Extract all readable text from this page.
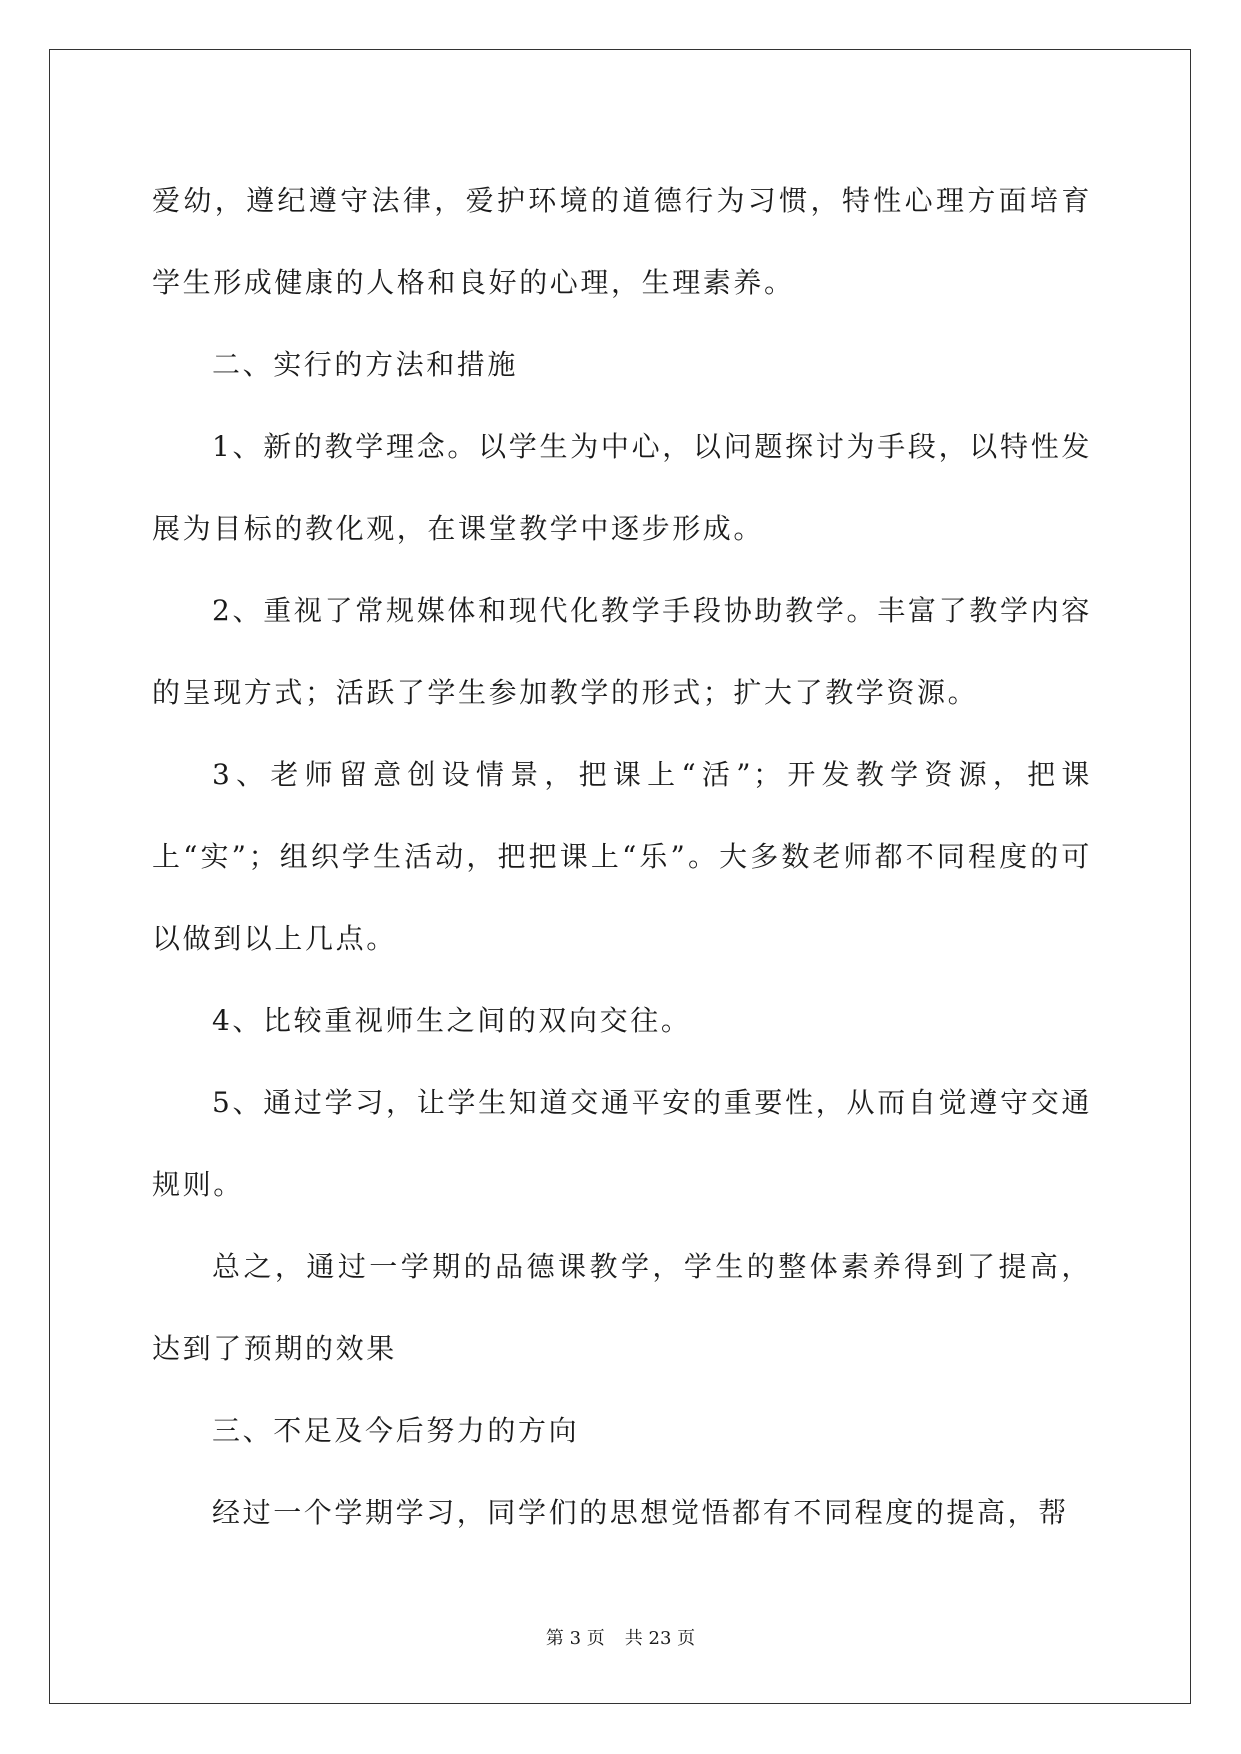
爱幼，遵纪遵守法律，爱护环境的道德行为习惯，特性心理方面培育学生形成健康的人格和良好的心理，生理素养。

二、实行的方法和措施

1、新的教学理念。以学生为中心，以问题探讨为手段，以特性发展为目标的教化观，在课堂教学中逐步形成。

2、重视了常规媒体和现代化教学手段协助教学。丰富了教学内容的呈现方式；活跃了学生参加教学的形式；扩大了教学资源。

3、老师留意创设情景，把课上“活”；开发教学资源，把课上“实”；组织学生活动，把把课上“乐”。大多数老师都不同程度的可以做到以上几点。

4、比较重视师生之间的双向交往。

5、通过学习，让学生知道交通平安的重要性，从而自觉遵守交通规则。

总之，通过一学期的品德课教学，学生的整体素养得到了提高，达到了预期的效果

三、不足及今后努力的方向

经过一个学期学习，同学们的思想觉悟都有不同程度的提高，帮

第 3 页 共 23 页
